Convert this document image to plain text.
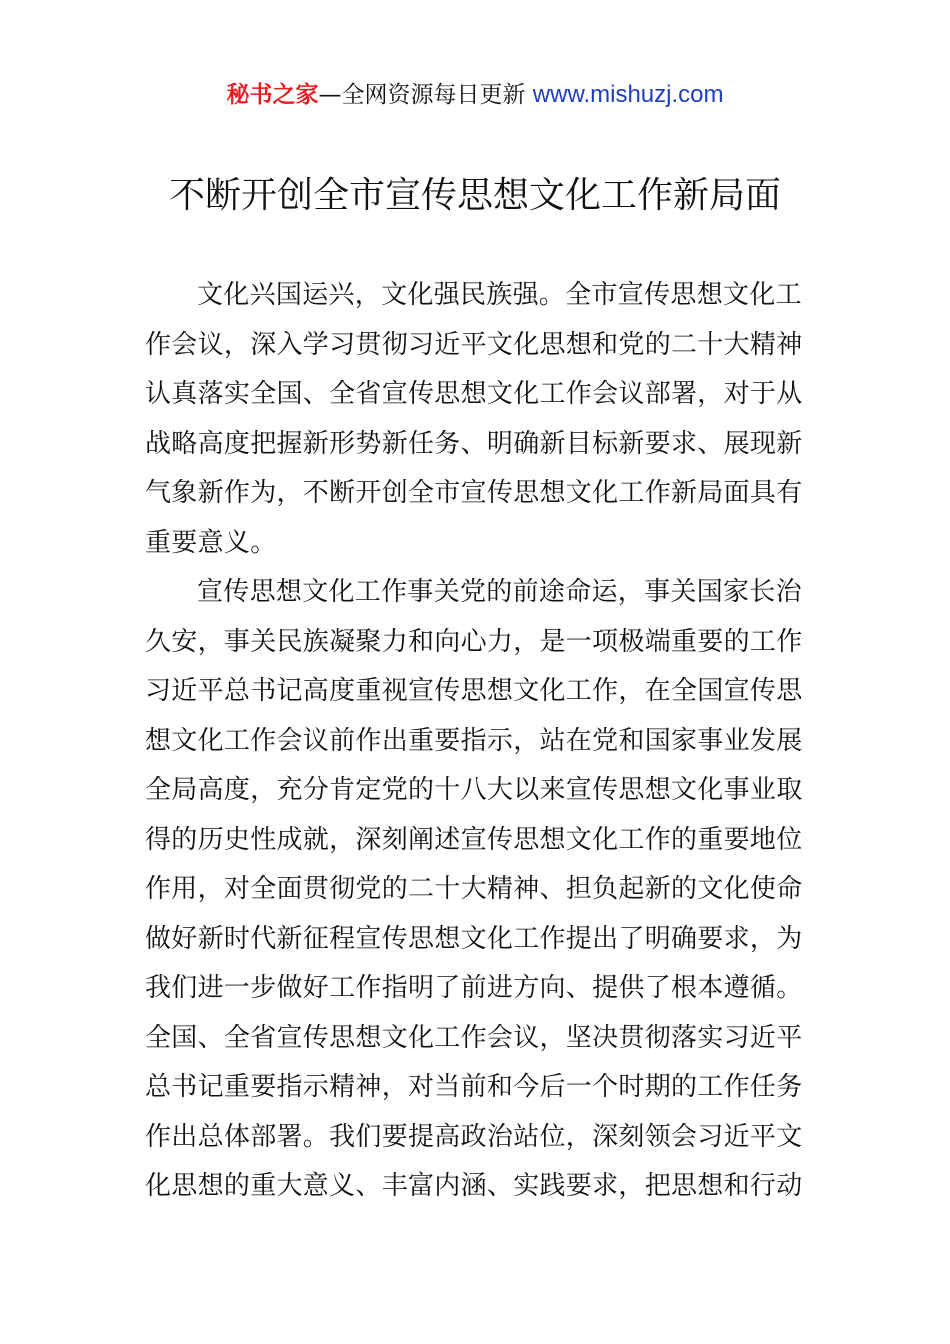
秘书之家—全网资源每日更新 www.mishuzj.com
不断开创全市宣传思想文化工作新局面

文化兴国运兴，文化强民族强。全市宣传思想文化工
作会议，深入学习贯彻习近平文化思想和党的二十大精神
认真落实全国、全省宣传思想文化工作会议部署，对于从
战略高度把握新形势新任务、明确新目标新要求、展现新
气象新作为，不断开创全市宣传思想文化工作新局面具有
重要意义。

宣传思想文化工作事关党的前途命运，事关国家长治
久安，事关民族凝聚力和向心力，是一项极端重要的工作
习近平总书记高度重视宣传思想文化工作，在全国宣传思
想文化工作会议前作出重要指示，站在党和国家事业发展
全局高度，充分肯定党的十八大以来宣传思想文化事业取
得的历史性成就，深刻阐述宣传思想文化工作的重要地位
作用，对全面贯彻党的二十大精神、担负起新的文化使命
做好新时代新征程宣传思想文化工作提出了明确要求，为
我们进一步做好工作指明了前进方向、提供了根本遵循。
全国、全省宣传思想文化工作会议，坚决贯彻落实习近平
总书记重要指示精神，对当前和今后一个时期的工作任务
作出总体部署。我们要提高政治站位，深刻领会习近平文
化思想的重大意义、丰富内涵、实践要求，把思想和行动
